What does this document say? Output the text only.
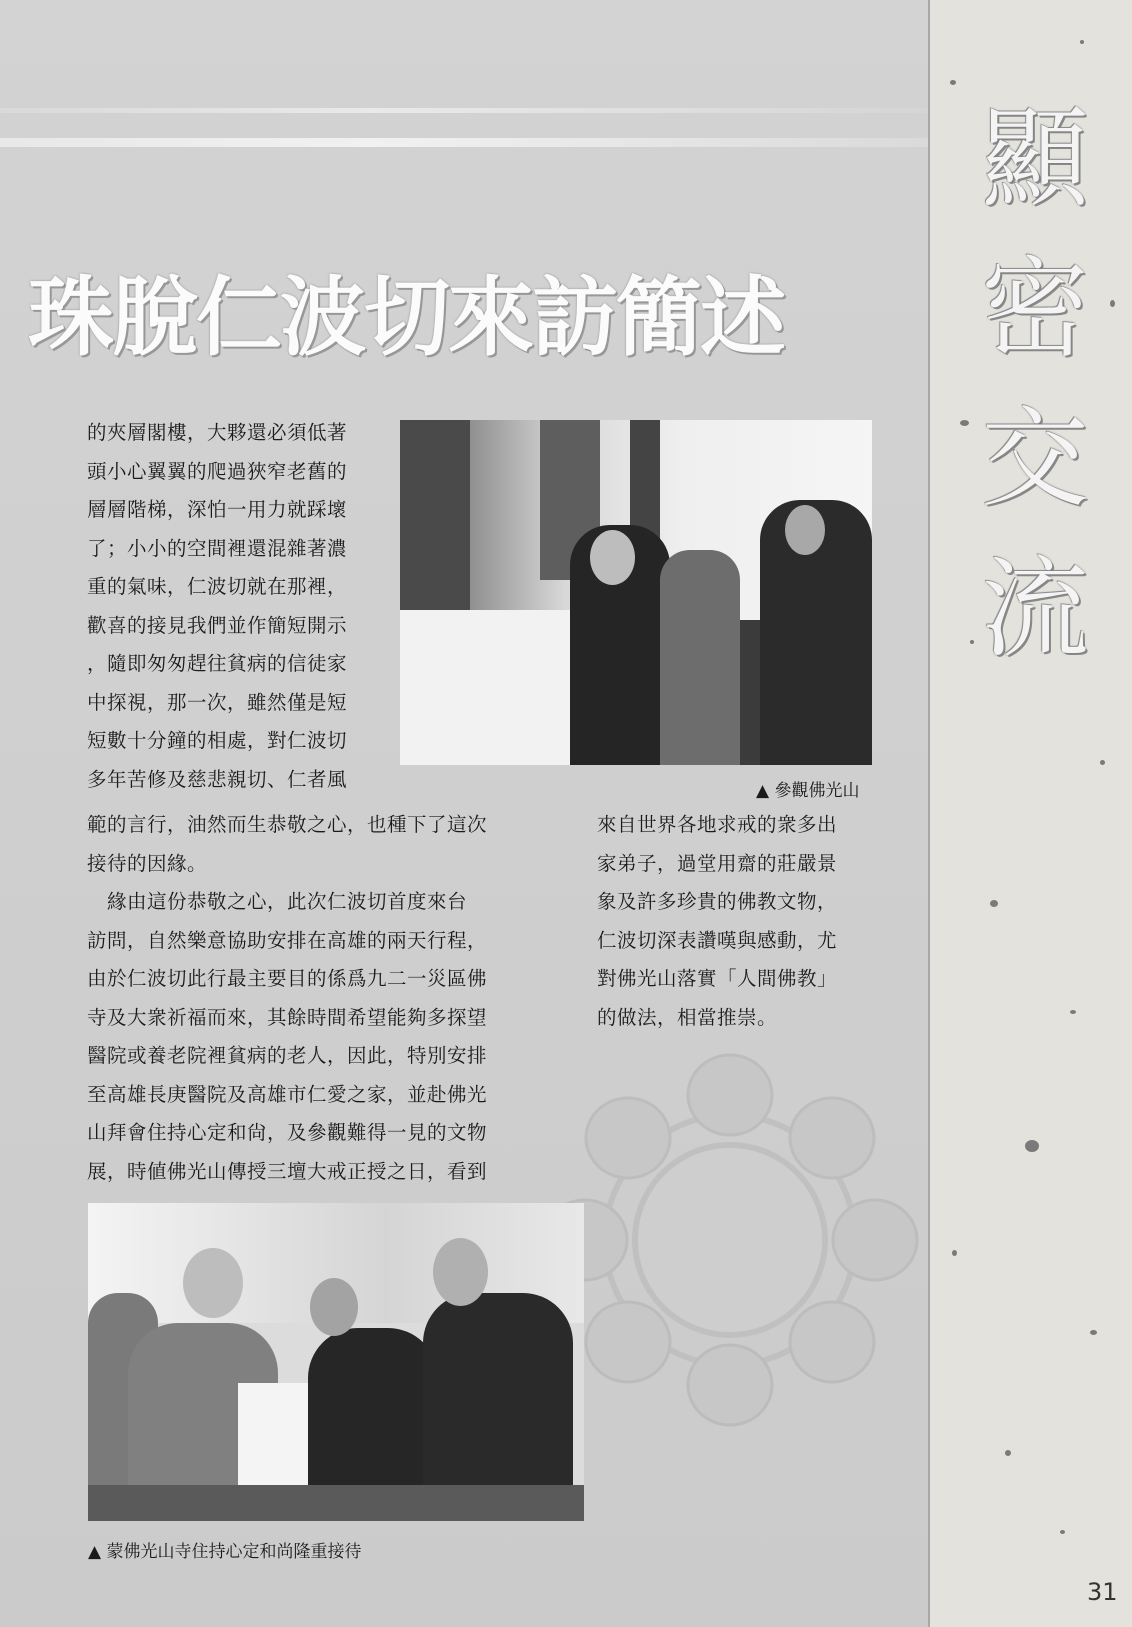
顯
密
交
流
珠脫仁波切來訪簡述
▲ 參觀佛光山
的夾層閣樓，大夥還必須低著
頭小心翼翼的爬過狹窄老舊的
層層階梯，深怕一用力就踩壞
了；小小的空間裡還混雜著濃
重的氣味，仁波切就在那裡，
歡喜的接見我們並作簡短開示
，隨即匆匆趕往貧病的信徒家
中探視，那一次，雖然僅是短
短數十分鐘的相處，對仁波切
多年苦修及慈悲親切、仁者風
範的言行，油然而生恭敬之心，也種下了這次
接待的因緣。
　緣由這份恭敬之心，此次仁波切首度來台
訪問，自然樂意協助安排在高雄的兩天行程，
由於仁波切此行最主要目的係爲九二一災區佛
寺及大衆祈福而來，其餘時間希望能夠多探望
醫院或養老院裡貧病的老人，因此，特別安排
至高雄長庚醫院及高雄市仁愛之家，並赴佛光
山拜會住持心定和尙，及參觀難得一見的文物
展，時値佛光山傳授三壇大戒正授之日，看到
來自世界各地求戒的衆多出
家弟子，過堂用齋的莊嚴景
象及許多珍貴的佛教文物，
仁波切深表讚嘆與感動，尤
對佛光山落實「人間佛教」
的做法，相當推崇。
▲ 蒙佛光山寺住持心定和尚隆重接待
31
